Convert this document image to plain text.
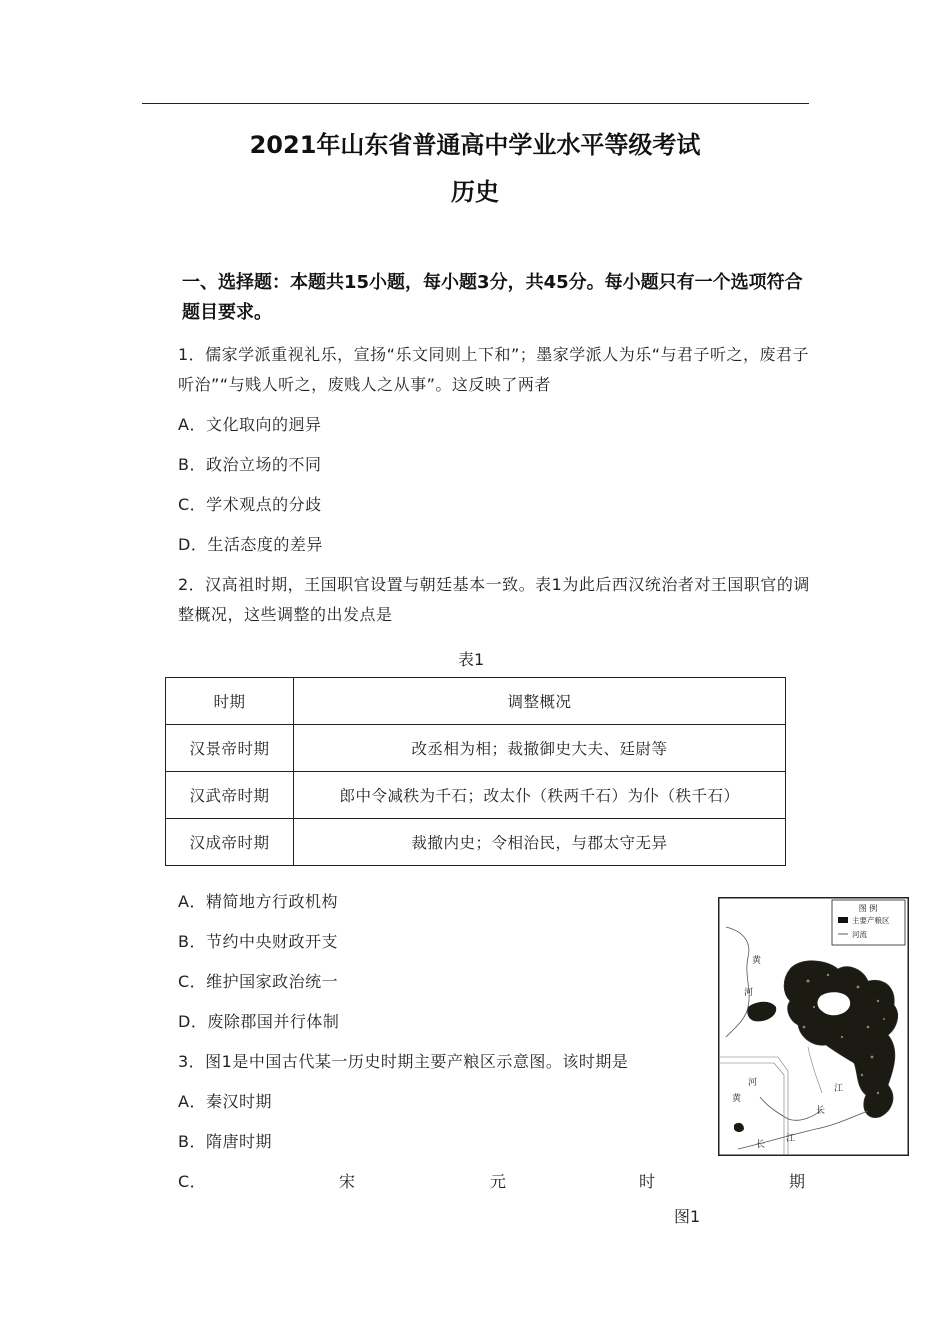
2021年山东省普通高中学业水平等级考试
历史
一、选择题：本题共15小题，每小题3分，共45分。每小题只有一个选项符合题目要求。
1．儒家学派重视礼乐，宣扬“乐文同则上下和”；墨家学派人为乐“与君子听之，废君子听治”“与贱人听之，废贱人之从事”。这反映了两者
A．文化取向的迥异
B．政治立场的不同
C．学术观点的分歧
D．生活态度的差异
2．汉高祖时期，王国职官设置与朝廷基本一致。表1为此后西汉统治者对王国职官的调整概况，这些调整的出发点是
表1
时期	调整概况
汉景帝时期	改丞相为相；裁撤御史大夫、廷尉等
汉武帝时期	郎中令减秩为千石；改太仆（秩两千石）为仆（秩千石）
汉成帝时期	裁撤内史；令相治民，与郡太守无异
A．精简地方行政机构
B．节约中央财政开支
C．维护国家政治统一
D．废除郡国并行体制
3．图1是中国古代某一历史时期主要产粮区示意图。该时期是
A．秦汉时期
B．隋唐时期
C．	宋	元	时	期
图1
图 例
主要产粮区
河流
黄
河
河
黄
江
长
长
江
